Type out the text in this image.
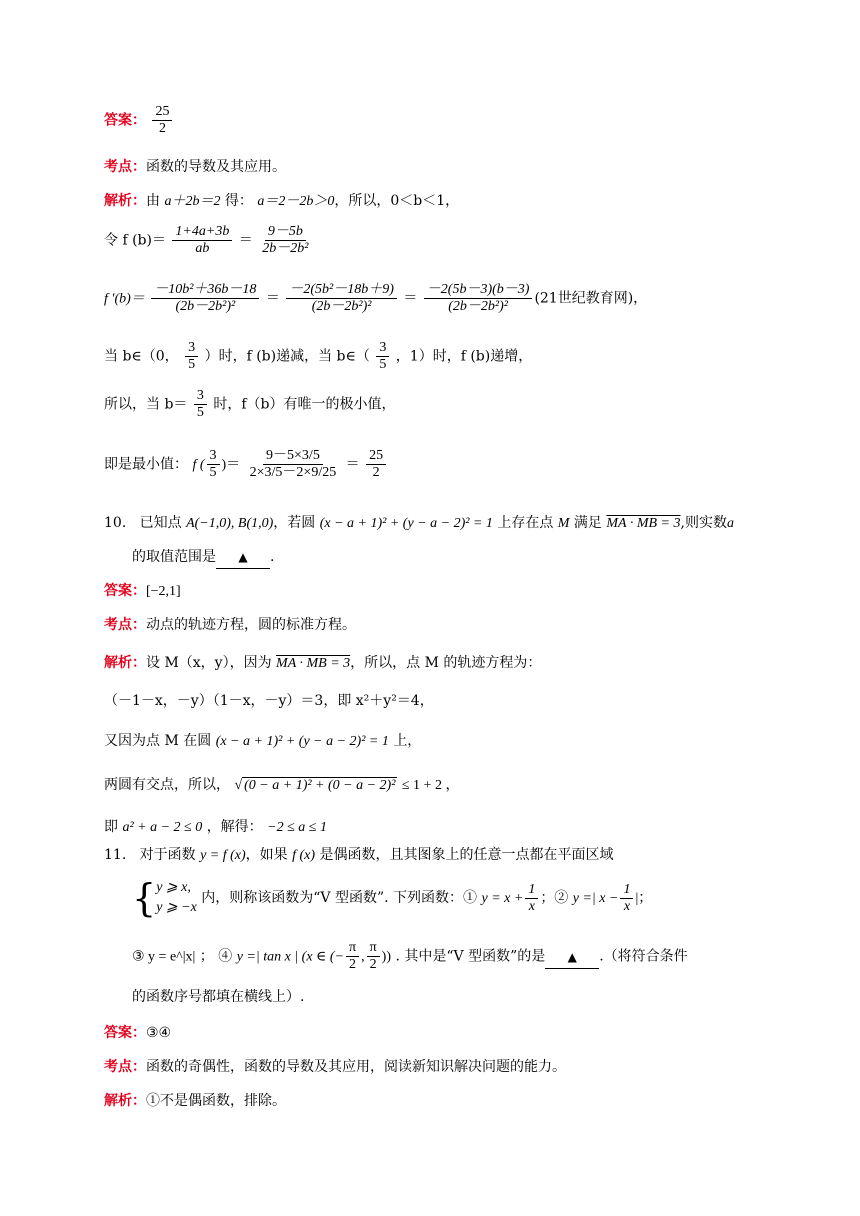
答案： $\frac{25}{2}$
考点：函数的导数及其应用。
解析：由 a＋2b＝2 得： a＝2－2b＞0，所以，0＜b＜1，
令 f $(b)= \frac{1+4a+3b}{ab} = \frac{9-5b}{\text{2b－2b²}}$
f $'(b)= \frac{\text{－10b²＋36b－18}}{\text{(2b－2b²)²}} = \frac{\text{－2(5b²－18b＋9)}}{\text{(2b－2b²)²}} = \frac{-2(5b-3)(b-3)}{\text{(2b－2b²)²}} (21$世纪教育网)，
当 b∈（0， $\frac{3}{5}$ ）时，f (b)递减，当 b∈（ $\frac{3}{5}$ ，1）时，f (b)递增，
所以，当 $b= \frac{3}{5}$ 时，f（b）有唯一的极小值，
即是最小值： f ( $\frac{3}{5}$ )＝ $\frac{9-5\times 3/5}{2\times 3/5-2\times 9/25} = \frac{25}{2}$
10. 已知点 A(−1,0), B(1,0)，若圆 (x − a + 1)² + (y − a − 2)² = 1 上存在点 M 满足 MA · MB = 3,则实数a
的取值范围是 ▲ .
答案：[−2,1]
考点：动点的轨迹方程，圆的标准方程。
解析：设 M（x，y），因为 MA · MB = 3，所以，点 M 的轨迹方程为：
（－1－x，－y）（1－x，－y）＝3，即 x²＋y²＝4，
又因为点 M 在圆 (x − a + 1)² + (y − a − 2)² = 1 上，
两圆有交点，所以， √ (0 − a + 1)² + (0 − a − 2)² ≤ 1 + 2 ，
即 a² + a − 2 ≤ 0 ，解得： −2 ≤ a ≤ 1
11. 对于函数 y = f (x)，如果 f (x) 是偶函数，且其图象上的任意一点都在平面区域
{ y ⩾ x,
y ⩾ −x
内，则称该函数为“V 型函数”. 下列函数：① $y = x + \frac{1}{x}$ ；② y =| $x - \frac{1}{x}$ |；
③ y = e^|x| ； ④ y =| tan x | (x ∈ (− $\frac{\pi}{2}$ , $\frac{\pi}{2}$ )) . 其中是“V 型函数”的是 ▲ .（将符合条件
的函数序号都填在横线上）.
答案：③④
考点：函数的奇偶性，函数的导数及其应用，阅读新知识解决问题的能力。
解析：①不是偶函数，排除。
